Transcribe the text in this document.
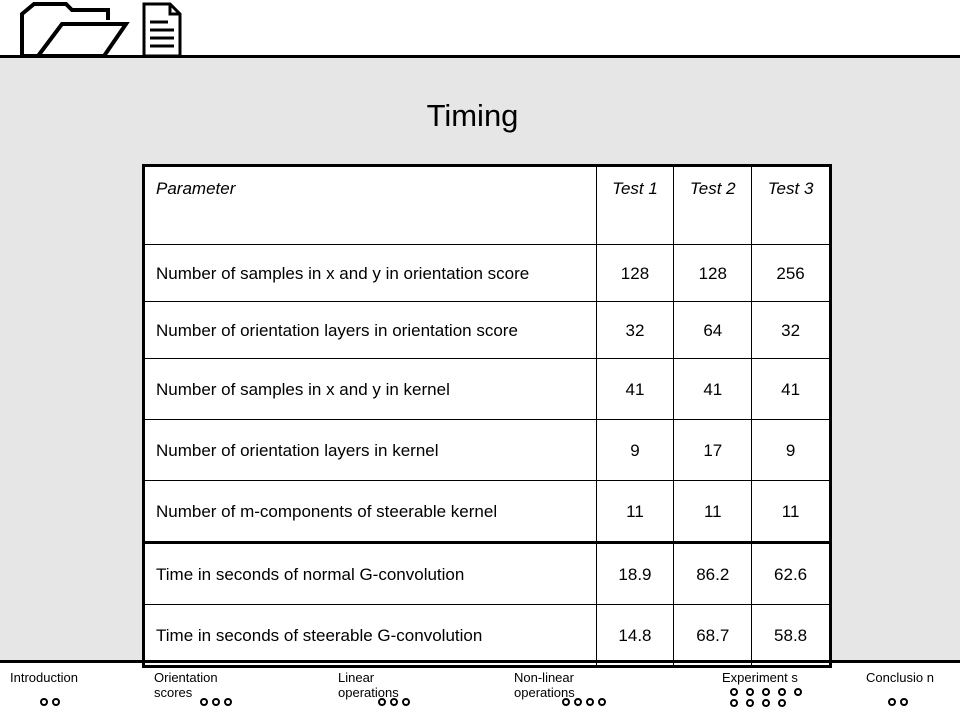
Timing
Parameter	Test 1	Test 2	Test 3
Number of samples in x and y in orientation score	128	128	256
Number of orientation layers in orientation score	32	64	32
Number of samples in x and y in kernel	41	41	41
Number of orientation layers in kernel	9	17	9
Number of m-components of steerable kernel	11	11	11
Time in seconds of normal G-convolution	18.9	86.2	62.6
Time in seconds of steerable G-convolution	14.8	68.7	58.8
Introduction	Orientation scores
Linear operations
Non-linear operations
Experiment s	Conclusio n
